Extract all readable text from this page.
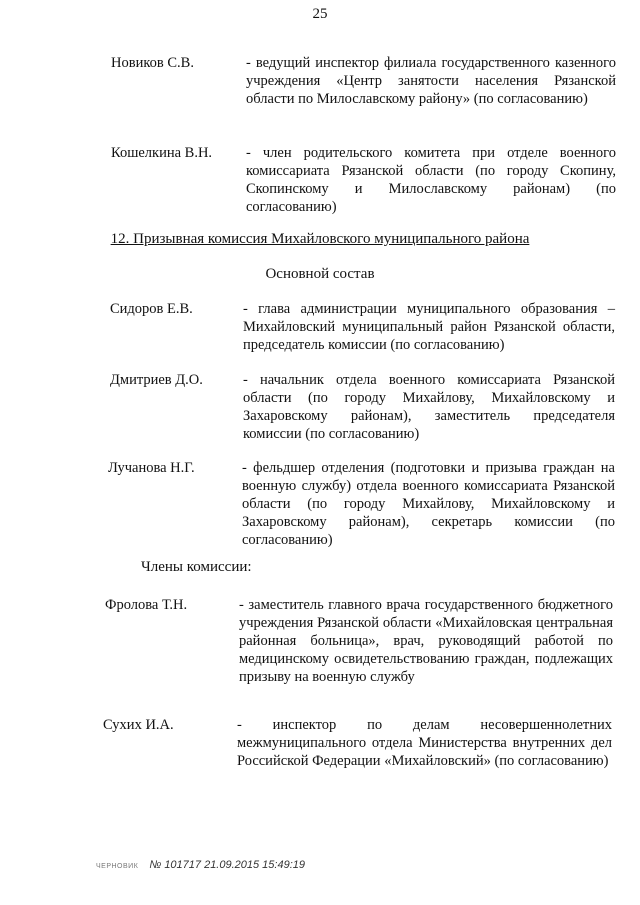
25
Новиков С.В.	- ведущий инспектор филиала государственного казенного учреждения «Центр занятости населения Рязанской области по Милославскому району» (по согласованию)
Кошелкина В.Н. - член родительского комитета при отделе военного комиссариата Рязанской области (по городу Скопину, Скопинскому и Милославскому районам) (по согласованию)
12. Призывная комиссия Михайловского муниципального района
Основной состав
Сидоров Е.В.	- глава администрации муниципального образования – Михайловский муниципальный район Рязанской области, председатель комиссии (по согласованию)
Дмитриев Д.О.	- начальник отдела военного комиссариата Рязанской области (по городу Михайлову, Михайловскому и Захаровскому районам), заместитель председателя комиссии (по согласованию)
Лучанова Н.Г.	- фельдшер отделения (подготовки и призыва граждан на военную службу) отдела военного комиссариата Рязанской области (по городу Михайлову, Михайловскому и Захаровскому районам), секретарь комиссии (по согласованию)
Члены комиссии:
Фролова Т.Н.	- заместитель главного врача государственного бюджетного учреждения Рязанской области «Михайловская центральная районная больница», врач, руководящий работой по медицинскому освидетельствованию граждан, подлежащих призыву на военную службу
Сухих И.А.	- инспектор по делам несовершеннолетних межмуниципального отдела Министерства внутренних дел Российской Федерации «Михайловский» (по согласованию)
ЧЕРНОВИК № 101717 21.09.2015 15:49:19
